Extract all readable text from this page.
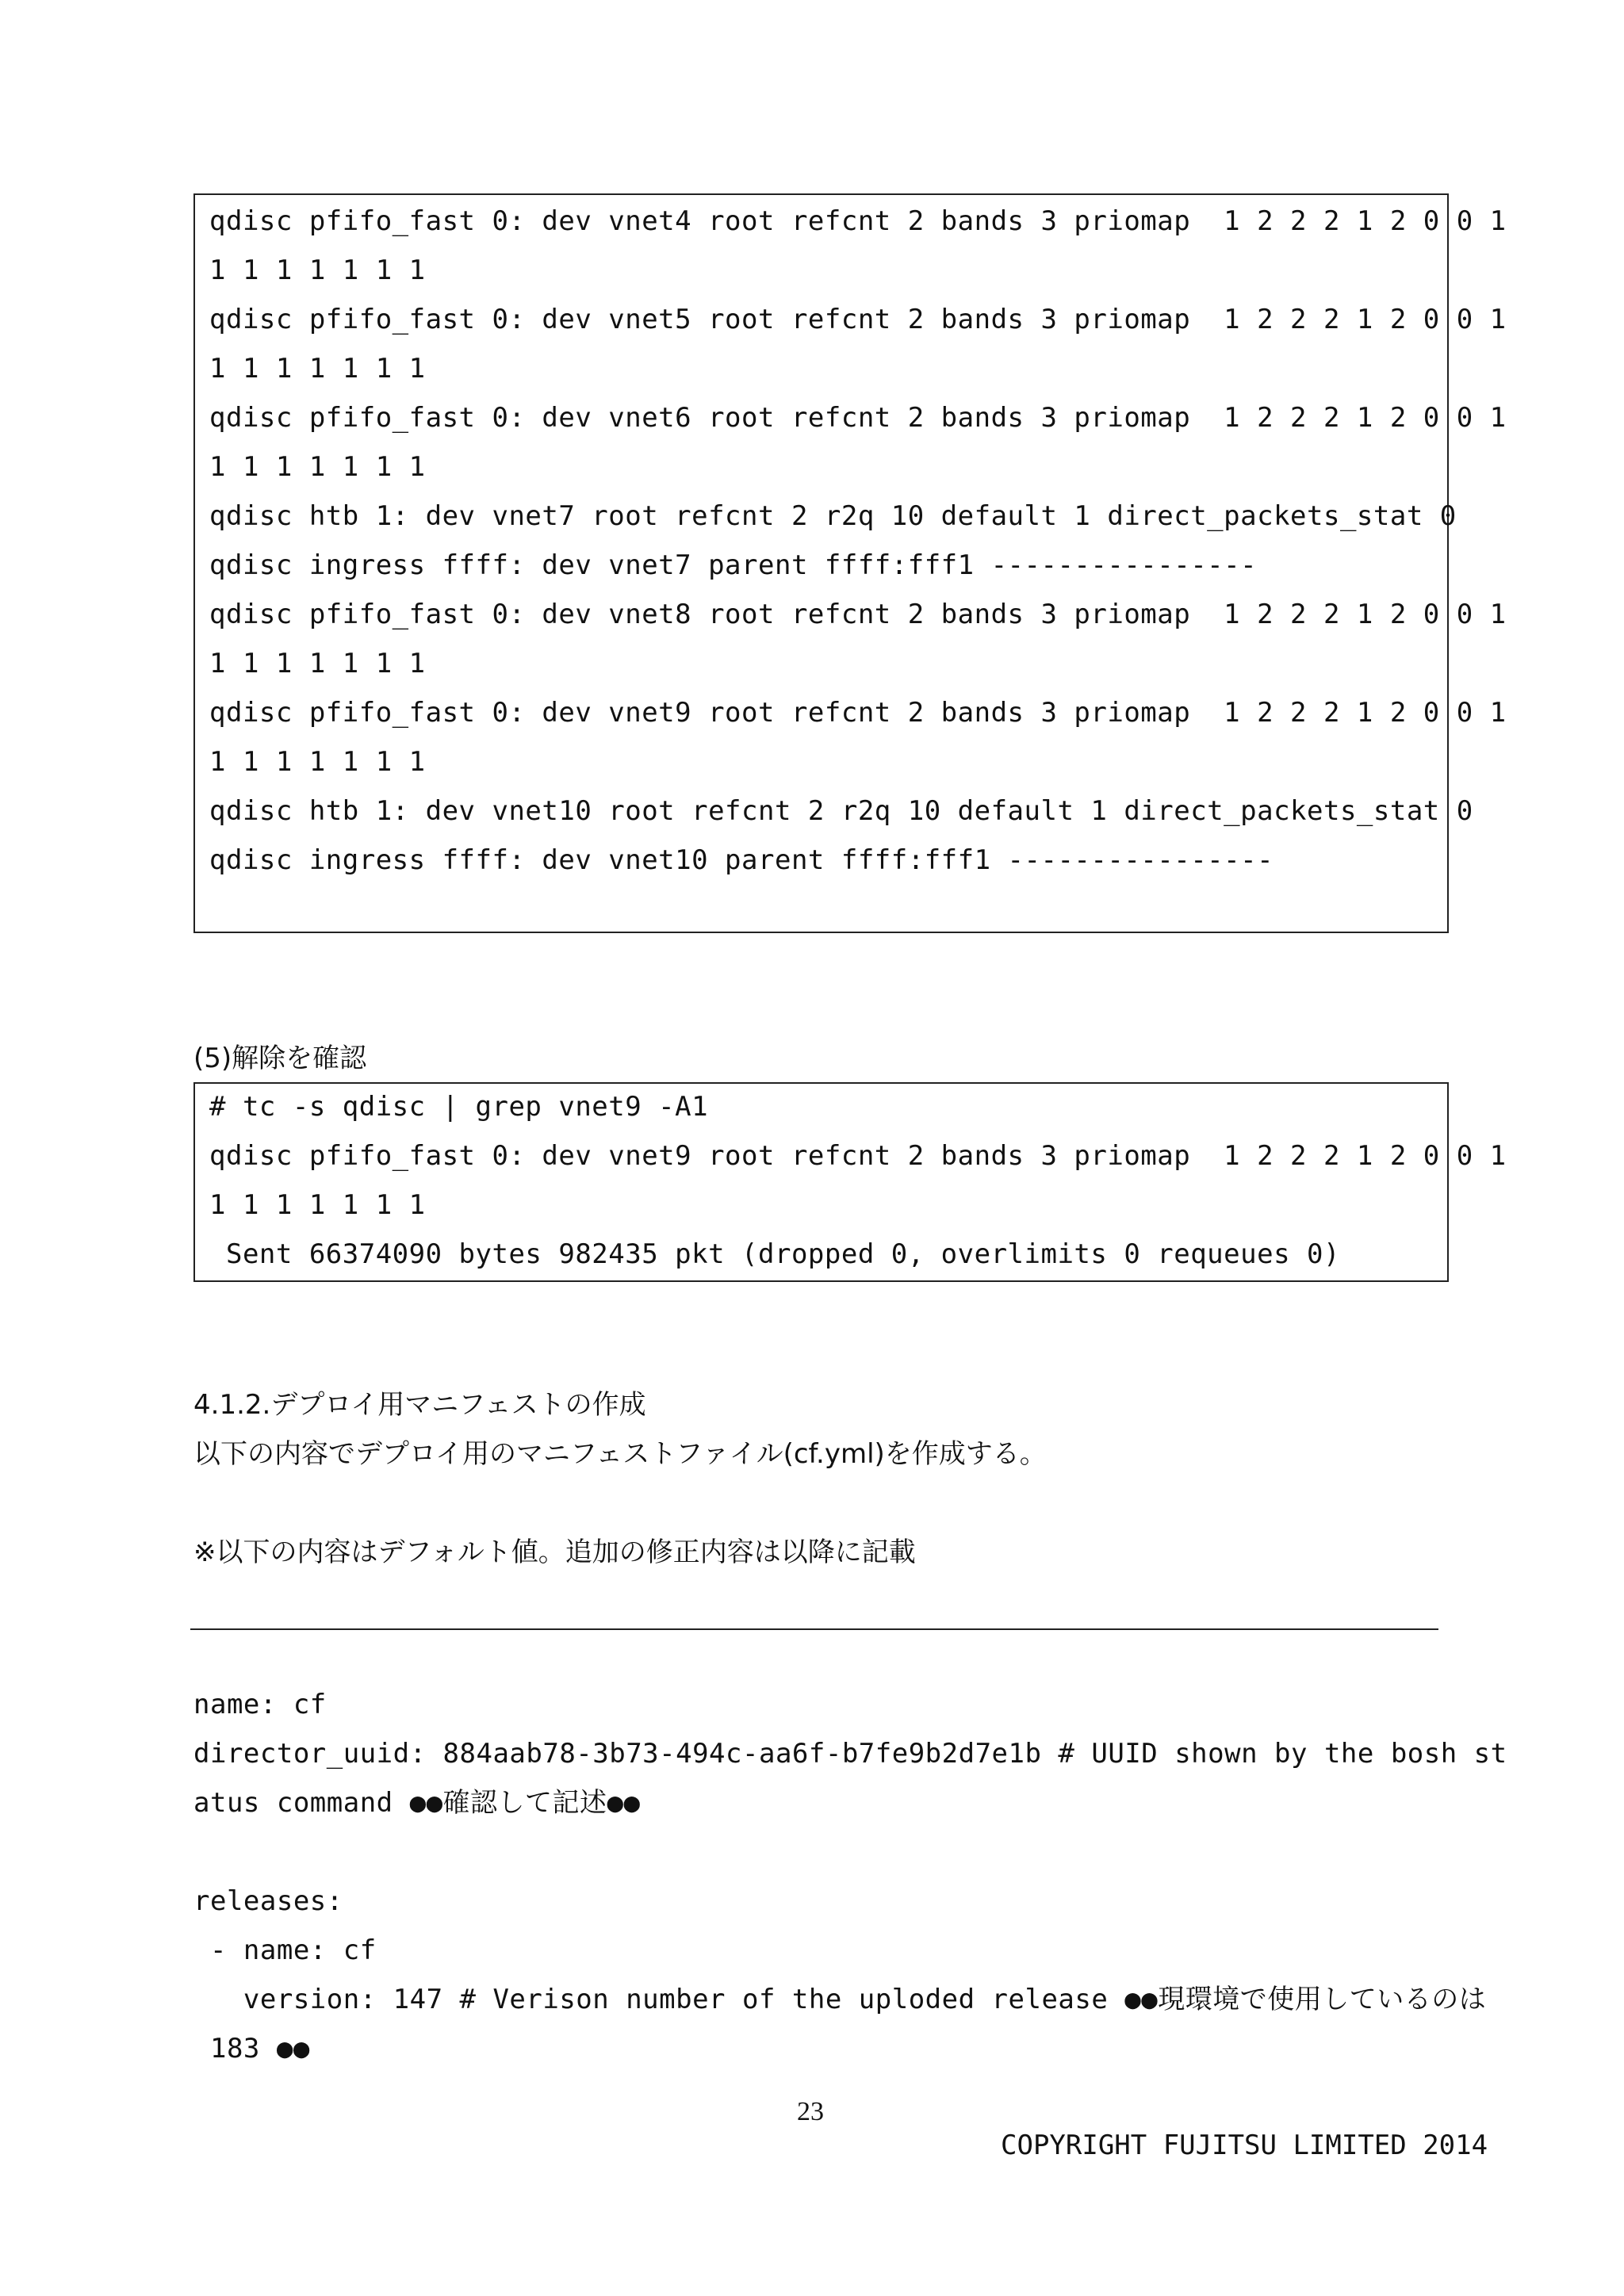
qdisc pfifo_fast 0: dev vnet4 root refcnt 2 bands 3 priomap  1 2 2 2 1 2 0 0 1
1 1 1 1 1 1 1
qdisc pfifo_fast 0: dev vnet5 root refcnt 2 bands 3 priomap  1 2 2 2 1 2 0 0 1
1 1 1 1 1 1 1
qdisc pfifo_fast 0: dev vnet6 root refcnt 2 bands 3 priomap  1 2 2 2 1 2 0 0 1
1 1 1 1 1 1 1
qdisc htb 1: dev vnet7 root refcnt 2 r2q 10 default 1 direct_packets_stat 0
qdisc ingress ffff: dev vnet7 parent ffff:fff1 ----------------
qdisc pfifo_fast 0: dev vnet8 root refcnt 2 bands 3 priomap  1 2 2 2 1 2 0 0 1
1 1 1 1 1 1 1
qdisc pfifo_fast 0: dev vnet9 root refcnt 2 bands 3 priomap  1 2 2 2 1 2 0 0 1
1 1 1 1 1 1 1
qdisc htb 1: dev vnet10 root refcnt 2 r2q 10 default 1 direct_packets_stat 0
qdisc ingress ffff: dev vnet10 parent ffff:fff1 ----------------
(5)解除を確認
# tc -s qdisc | grep vnet9 -A1
qdisc pfifo_fast 0: dev vnet9 root refcnt 2 bands 3 priomap  1 2 2 2 1 2 0 0 1
1 1 1 1 1 1 1
Sent 66374090 bytes 982435 pkt (dropped 0, overlimits 0 requeues 0)
4.1.2.デプロイ用マニフェストの作成
以下の内容でデプロイ用のマニフェストファイル(cf.yml)を作成する。
※以下の内容はデフォルト値。追加の修正内容は以降に記載
name: cf
director_uuid: 884aab78-3b73-494c-aa6f-b7fe9b2d7e1b # UUID shown by the bosh st
atus command ●●確認して記述●●
releases:
- name: cf
version: 147 # Verison number of the uploded release ●●現環境で使用しているのは
183 ●●
23
COPYRIGHT FUJITSU LIMITED 2014
